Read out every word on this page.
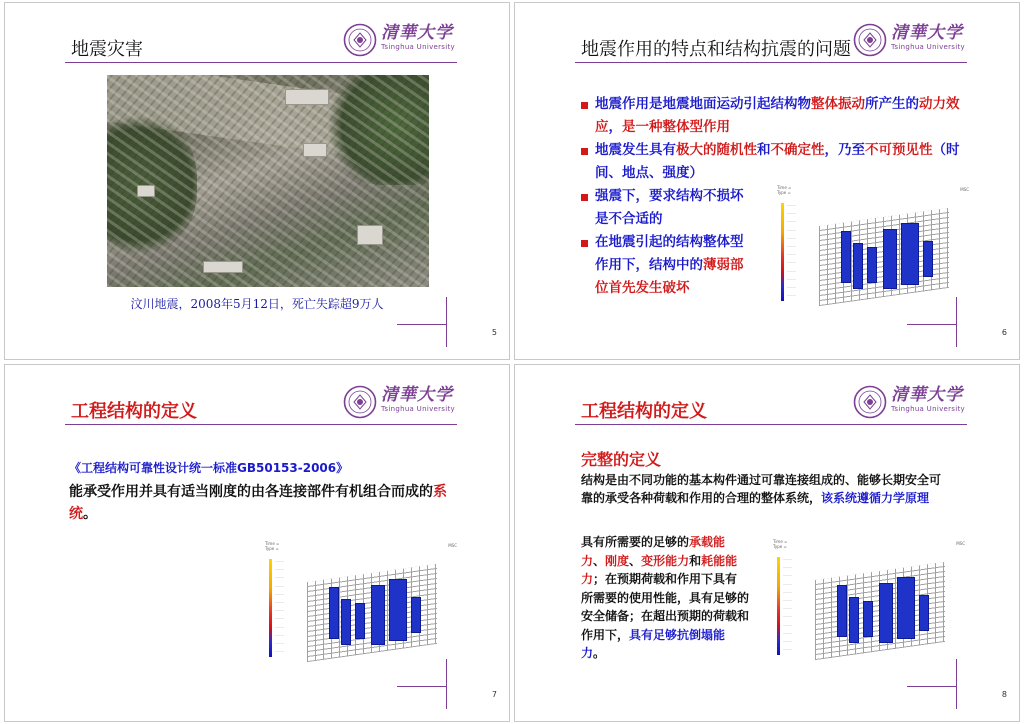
地震灾害
清華大学
Tsinghua University
汶川地震，2008年5月12日，死亡失踪超9万人
5
地震作用的特点和结构抗震的问题
清華大学
Tsinghua University
地震作用是地震地面运动引起结构物整体振动所产生的动力效应，是一种整体型作用
地震发生具有极大的随机性和不确定性，乃至不可预见性（时间、地点、强度）
强震下，要求结构不损坏是不合适的
在地震引起的结构整体型作用下，结构中的薄弱部位首先发生破坏
Time =
Type =
MSC
———
———
———
———
———
———
———
———
———
———
———
———
6
工程结构的定义
清華大学
Tsinghua University
《工程结构可靠性设计统一标准GB50153-2006》
能承受作用并具有适当刚度的由各连接部件有机组合而成的系统。
Time =
Type =
MSC
———
———
———
———
———
———
———
———
———
———
———
———
7
工程结构的定义
清華大学
Tsinghua University
完整的定义
结构是由不同功能的基本构件通过可靠连接组成的、能够长期安全可靠的承受各种荷载和作用的合理的整体系统，该系统遵循力学原理
具有所需要的足够的承载能力、刚度、变形能力和耗能能力；在预期荷载和作用下具有所需要的使用性能，具有足够的安全储备；在超出预期的荷载和作用下，具有足够抗倒塌能力。
Time =
Type =
MSC
———
———
———
———
———
———
———
———
———
———
———
———
8
